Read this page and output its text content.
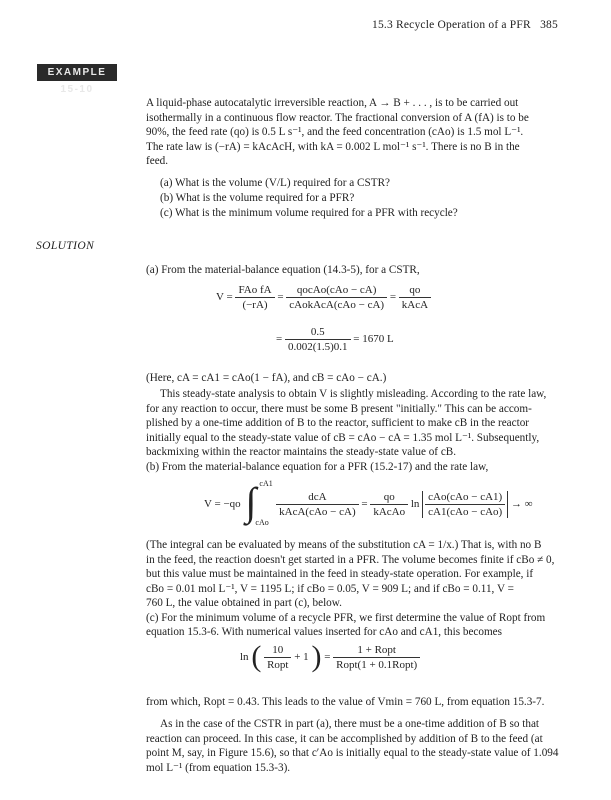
15.3 Recycle Operation of a PFR 385
EXAMPLE 15-10
A liquid-phase autocatalytic irreversible reaction, A → B + . . . , is to be carried out
isothermally in a continuous flow reactor. The fractional conversion of A (fA) is to be
90%, the feed rate (qo) is 0.5 L s⁻¹, and the feed concentration (cAo) is 1.5 mol L⁻¹.
The rate law is (−rA) = kAcAcH, with kA = 0.002 L mol⁻¹ s⁻¹. There is no B in the
feed.
(a) What is the volume (V/L) required for a CSTR?
(b) What is the volume required for a PFR?
(c) What is the minimum volume required for a PFR with recycle?
SOLUTION
(a) From the material-balance equation (14.3-5), for a CSTR,
$V = \frac{\text{FAo fA}}{(-rA)} = \frac{\text{qocAo(cAo − cA)}}{\text{cAokAcA(cAo − cA)}} = \frac{qo}{\text{kAcA}}$
= $\frac{0.5}{0.002(1.5)0.1} = 1670$ L
(Here, cA = cA1 = cAo(1 − fA), and cB = cAo − cA.)
This steady-state analysis to obtain V is slightly misleading. According to the rate law,
for any reaction to occur, there must be some B present "initially." This can be accom-
plished by a one-time addition of B to the reactor, sufficient to make cB in the reactor
initially equal to the steady-state value of cB = cAo − cA = 1.35 mol L⁻¹. Subsequently,
backmixing within the reactor maintains the steady-state value of cB.
(b) From the material-balance equation for a PFR (15.2-17) and the rate law,
V = −qo ∫ cA1
cAo

$\frac{\text{dcA}}{\text{kAcA(cAo − cA)}} = \frac{qo}{\text{kAcAo}}$ $\ln \frac{\text{cAo(cAo − cA1)}}{\text{cA1(cAo − cAo)}}$ → ∞
(The integral can be evaluated by means of the substitution cA = 1/x.) That is, with no B
in the feed, the reaction doesn't get started in a PFR. The volume becomes finite if cBo ≠ 0,
but this value must be maintained in the feed in steady-state operation. For example, if
cBo = 0.01 mol L⁻¹, V = 1195 L; if cBo = 0.05, V = 909 L; and if cBo = 0.11, V =
760 L, the value obtained in part (c), below.
(c) For the minimum volume of a recycle PFR, we first determine the value of Ropt from
equation 15.3-6. With numerical values inserted for cAo and cA1, this becomes
ln ( $\frac{10}{\text{Ropt}} + 1$ ) = $\frac{\text{1 + Ropt}}{\text{Ropt(1 + 0.1Ropt)}}$
from which, Ropt = 0.43. This leads to the value of Vmin = 760 L, from equation 15.3-7.
As in the case of the CSTR in part (a), there must be a one-time addition of B so that
reaction can proceed. In this case, it can be accomplished by addition of B to the feed (at
point M, say, in Figure 15.6), so that c′Ao is initially equal to the steady-state value of 1.094
mol L⁻¹ (from equation 15.3-3).
